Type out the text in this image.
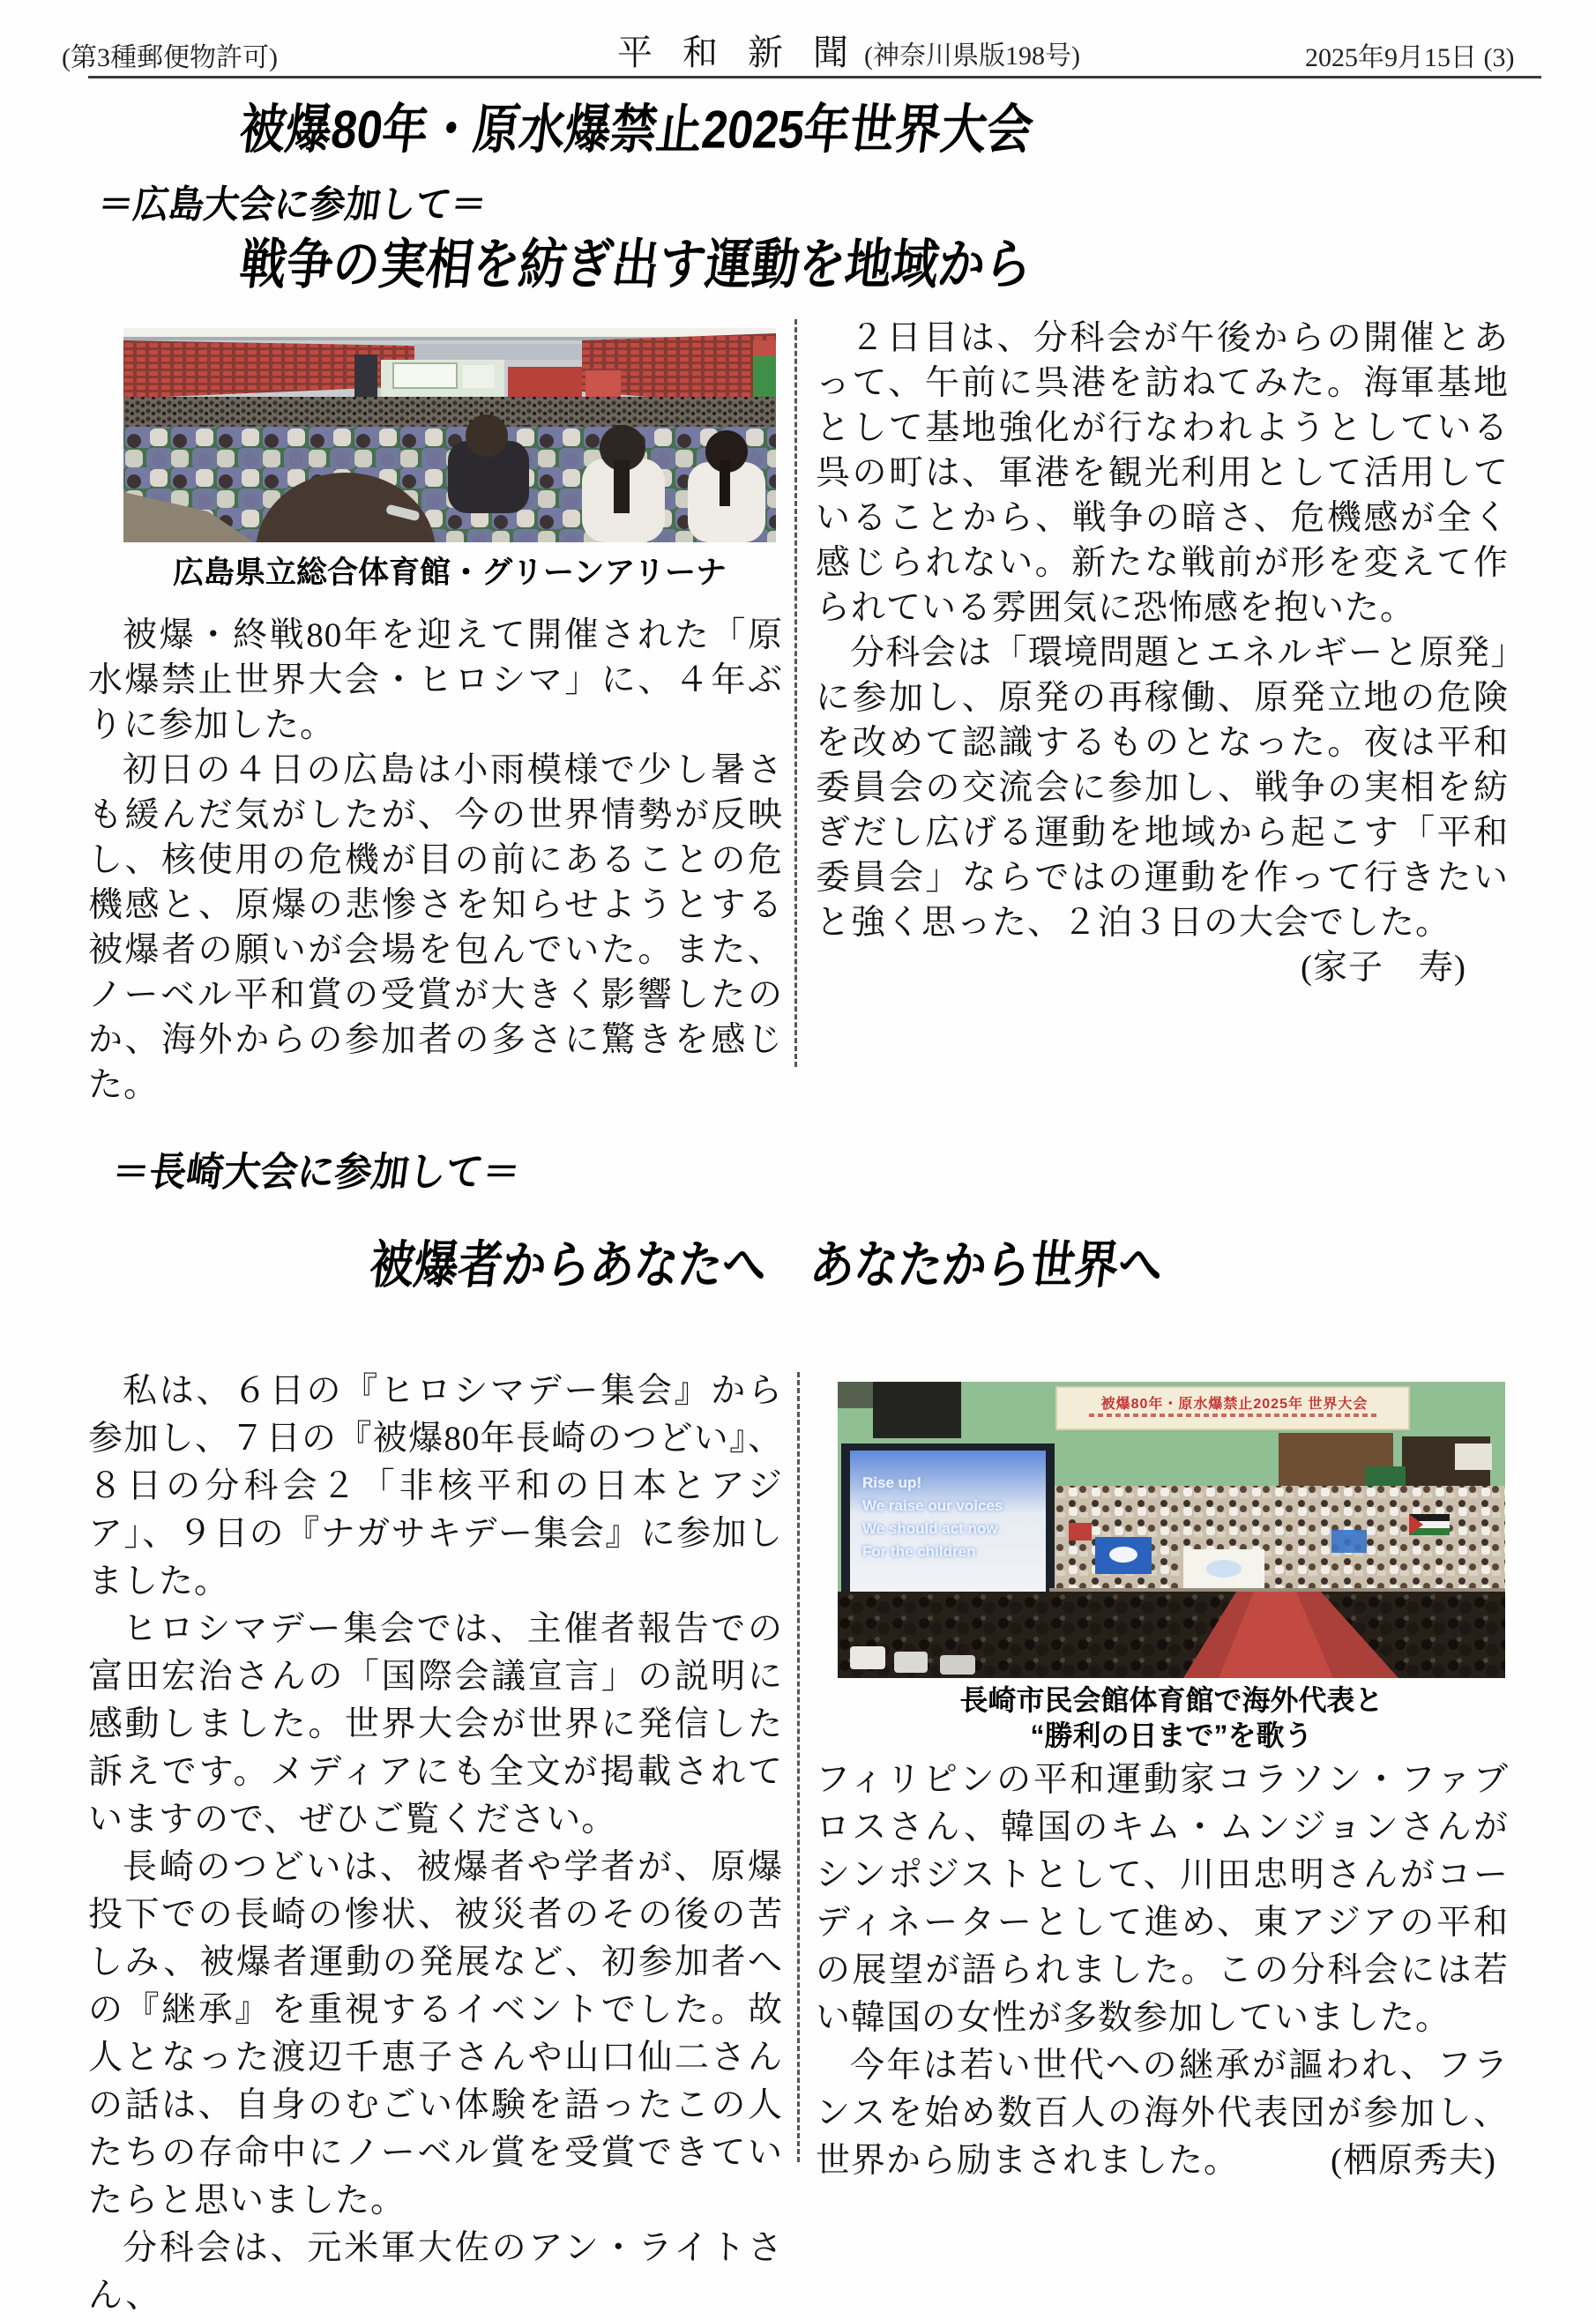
(第3種郵便物許可)	平 和 新 聞 (神奈川県版198号)	2025年9月15日 (3)
被爆80年・原水爆禁止2025年世界大会
＝広島大会に参加して＝
戦争の実相を紡ぎ出す運動を地域から
広島県立総合体育館・グリーンアリーナ

被爆・終戦80年を迎えて開催された「原水爆禁止世界大会・ヒロシマ」に、４年ぶりに参加した。

初日の４日の広島は小雨模様で少し暑さも緩んだ気がしたが、今の世界情勢が反映し、核使用の危機が目の前にあることの危機感と、原爆の悲惨さを知らせようとする被爆者の願いが会場を包んでいた。また、ノーベル平和賞の受賞が大きく影響したのか、海外からの参加者の多さに驚きを感じた。

２日目は、分科会が午後からの開催とあって、午前に呉港を訪ねてみた。海軍基地として基地強化が行なわれようとしている呉の町は、軍港を観光利用として活用していることから、戦争の暗さ、危機感が全く感じられない。新たな戦前が形を変えて作られている雰囲気に恐怖感を抱いた。

分科会は「環境問題とエネルギーと原発」に参加し、原発の再稼働、原発立地の危険を改めて認識するものとなった。夜は平和委員会の交流会に参加し、戦争の実相を紡ぎだし広げる運動を地域から起こす「平和委員会」ならではの運動を作って行きたいと強く思った、２泊３日の大会でした。

(家子　寿)

＝長崎大会に参加して＝
被爆者からあなたへ　あなたから世界へ

私は、６日の『ヒロシマデー集会』から参加し、７日の『被爆80年長崎のつどい』、８日の分科会２「非核平和の日本とアジア」、９日の『ナガサキデー集会』に参加しました。

ヒロシマデー集会では、主催者報告での富田宏治さんの「国際会議宣言」の説明に感動しました。世界大会が世界に発信した訴えです。メディアにも全文が掲載されていますので、ぜひご覧ください。

長崎のつどいは、被爆者や学者が、原爆投下での長崎の惨状、被災者のその後の苦しみ、被爆者運動の発展など、初参加者への『継承』を重視するイベントでした。故人となった渡辺千恵子さんや山口仙二さんの話は、自身のむごい体験を語ったこの人たちの存命中にノーベル賞を受賞できていたらと思いました。

分科会は、元米軍大佐のアン・ライトさん、

被爆80年・原水爆禁止2025年 世界大会
Rise up!
We raise our voices
We should act now
For the children
長崎市民会館体育館で海外代表と
“勝利の日まで”を歌う

フィリピンの平和運動家コラソン・ファブロスさん、韓国のキム・ムンジョンさんがシンポジストとして、川田忠明さんがコーディネーターとして進め、東アジアの平和の展望が語られました。この分科会には若い韓国の女性が多数参加していました。

今年は若い世代への継承が謳われ、フランスを始め数百人の海外代表団が参加し、世界から励まされました。	(栖原秀夫)
